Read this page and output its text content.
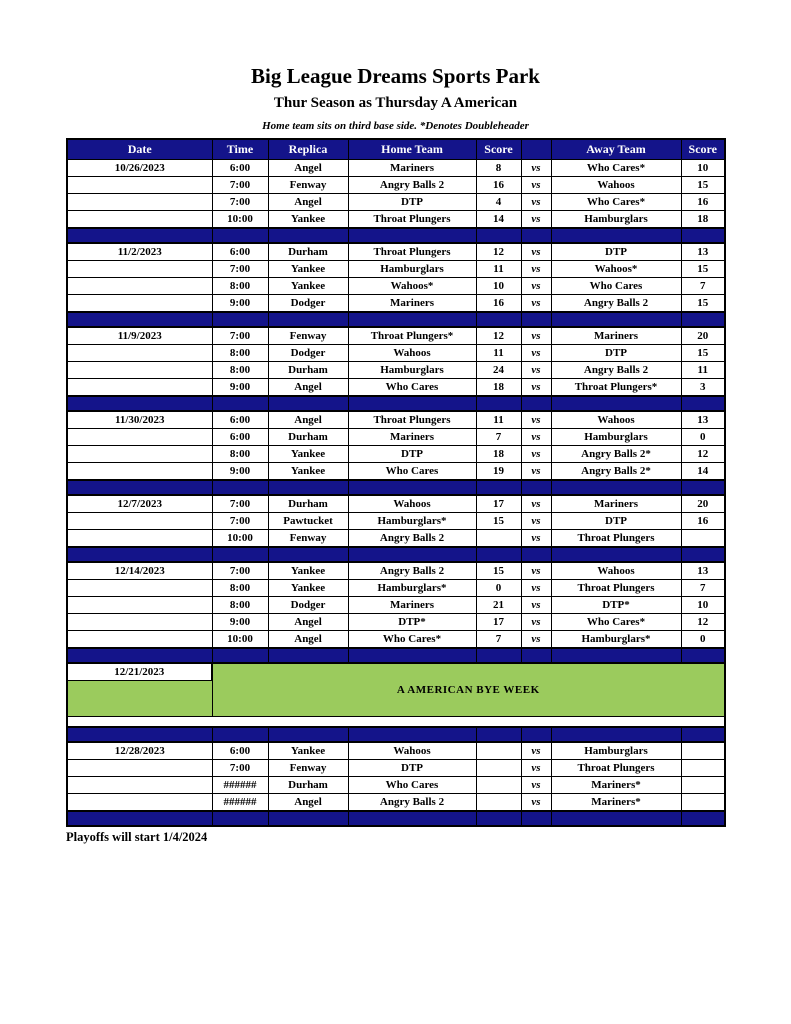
Big League Dreams Sports Park
Thur Season as Thursday A American
Home team sits on third base side. *Denotes Doubleheader
Date	Time	Replica	Home Team	Score		Away Team	Score
10/26/2023	6:00	Angel	Mariners	8	vs	Who Cares*	10
	7:00	Fenway	Angry Balls 2	16	vs	Wahoos	15
	7:00	Angel	DTP	4	vs	Who Cares*	16
	10:00	Yankee	Throat Plungers	14	vs	Hamburglars	18

11/2/2023	6:00	Durham	Throat Plungers	12	vs	DTP	13
	7:00	Yankee	Hamburglars	11	vs	Wahoos*	15
	8:00	Yankee	Wahoos*	10	vs	Who Cares	7
	9:00	Dodger	Mariners	16	vs	Angry Balls 2	15

11/9/2023	7:00	Fenway	Throat Plungers*	12	vs	Mariners	20
	8:00	Dodger	Wahoos	11	vs	DTP	15
	8:00	Durham	Hamburglars	24	vs	Angry Balls 2	11
	9:00	Angel	Who Cares	18	vs	Throat Plungers*	3

11/30/2023	6:00	Angel	Throat Plungers	11	vs	Wahoos	13
	6:00	Durham	Mariners	7	vs	Hamburglars	0
	8:00	Yankee	DTP	18	vs	Angry Balls 2*	12
	9:00	Yankee	Who Cares	19	vs	Angry Balls 2*	14

12/7/2023	7:00	Durham	Wahoos	17	vs	Mariners	20
	7:00	Pawtucket	Hamburglars*	15	vs	DTP	16
	10:00	Fenway	Angry Balls 2		vs	Throat Plungers	

12/14/2023	7:00	Yankee	Angry Balls 2	15	vs	Wahoos	13
	8:00	Yankee	Hamburglars*	0	vs	Throat Plungers	7
	8:00	Dodger	Mariners	21	vs	DTP*	10
	9:00	Angel	DTP*	17	vs	Who Cares*	12
	10:00	Angel	Who Cares*	7	vs	Hamburglars*	0

12/21/2023	A AMERICAN BYE WEEK						

12/28/2023	6:00	Yankee	Wahoos		vs	Hamburglars	
	7:00	Fenway	DTP		vs	Throat Plungers	
	######	Durham	Who Cares		vs	Mariners*	
	######	Angel	Angry Balls 2		vs	Mariners*	

Playoffs will start 1/4/2024
